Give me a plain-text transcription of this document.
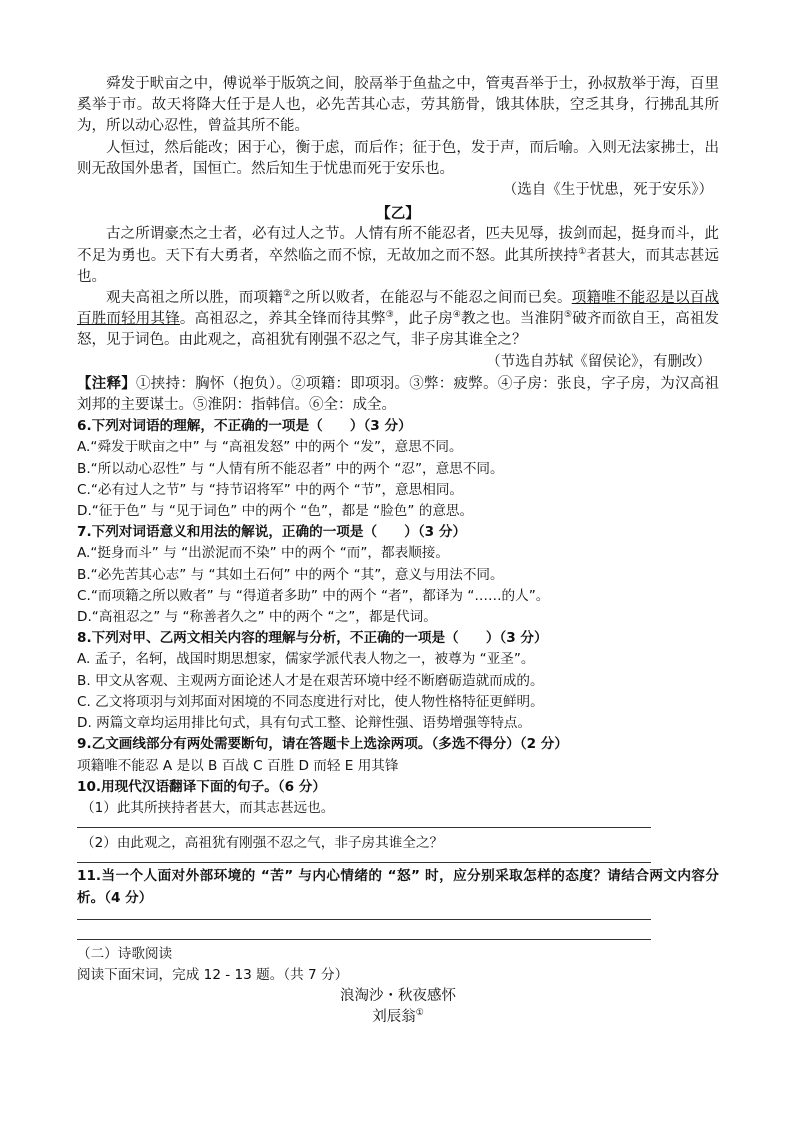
舜发于畎亩之中，傅说举于版筑之间，胶鬲举于鱼盐之中，管夷吾举于士，孙叔敖举于海，百里奚举于市。故天将降大任于是人也，必先苦其心志，劳其筋骨，饿其体肤，空乏其身，行拂乱其所为，所以动心忍性，曾益其所不能。

人恒过，然后能改；困于心，衡于虑，而后作；征于色，发于声，而后喻。入则无法家拂士，出则无敌国外患者，国恒亡。然后知生于忧患而死于安乐也。

（选自《生于忧患，死于安乐》）

【乙】

古之所谓豪杰之士者，必有过人之节。人情有所不能忍者，匹夫见辱，拔剑而起，挺身而斗，此不足为勇也。天下有大勇者，卒然临之而不惊，无故加之而不怒。此其所挟持①者甚大，而其志甚远也。

观夫高祖之所以胜，而项籍②之所以败者，在能忍与不能忍之间而已矣。项籍唯不能忍是以百战百胜而轻用其锋。高祖忍之，养其全锋而待其弊③，此子房④教之也。当淮阴⑤破齐而欲自王，高祖发怒，见于词色。由此观之，高祖犹有刚强不忍之气，非子房其谁全之？

（节选自苏轼《留侯论》，有删改）

【注释】①挟持：胸怀（抱负）。②项籍：即项羽。③弊：疲弊。④子房：张良，字子房，为汉高祖刘邦的主要谋士。⑤淮阴：指韩信。⑥全：成全。

6.下列对词语的理解，不正确的一项是（　　）（3 分）

A.“舜发于畎亩之中” 与 “高祖发怒” 中的两个 “发”，意思不同。

B.“所以动心忍性” 与 “人情有所不能忍者” 中的两个 “忍”，意思不同。

C.“必有过人之节” 与 “持节诏将军” 中的两个 “节”，意思相同。

D.“征于色” 与 “见于词色” 中的两个 “色”，都是 “脸色” 的意思。

7.下列对词语意义和用法的解说，正确的一项是（　　）（3 分）

A.“挺身而斗” 与 “出淤泥而不染” 中的两个 “而”，都表顺接。

B.“必先苦其心志” 与 “其如土石何” 中的两个 “其”，意义与用法不同。

C.“而项籍之所以败者” 与 “得道者多助” 中的两个 “者”，都译为 “……的人”。

D.“高祖忍之” 与 “称善者久之” 中的两个 “之”，都是代词。

8.下列对甲、乙两文相关内容的理解与分析，不正确的一项是（　　）（3 分）

A. 孟子，名轲，战国时期思想家，儒家学派代表人物之一，被尊为 “亚圣”。

B. 甲文从客观、主观两方面论述人才是在艰苦环境中经不断磨砺造就而成的。

C. 乙文将项羽与刘邦面对困境的不同态度进行对比，使人物性格特征更鲜明。

D. 两篇文章均运用排比句式，具有句式工整、论辩性强、语势增强等特点。

9.乙文画线部分有两处需要断句，请在答题卡上选涂两项。（多选不得分）（2 分）

项籍唯不能忍 A 是以 B 百战 C 百胜 D 而轻 E 用其锋

10.用现代汉语翻译下面的句子。（6 分）

（1）此其所挟持者甚大，而其志甚远也。

（2）由此观之，高祖犹有刚强不忍之气，非子房其谁全之？

11.当一个人面对外部环境的 “苦” 与内心情绪的 “怒” 时，应分别采取怎样的态度？请结合两文内容分析。（4 分）

（二）诗歌阅读

阅读下面宋词，完成 12 - 13 题。（共 7 分）

浪淘沙・秋夜感怀

刘辰翁①
